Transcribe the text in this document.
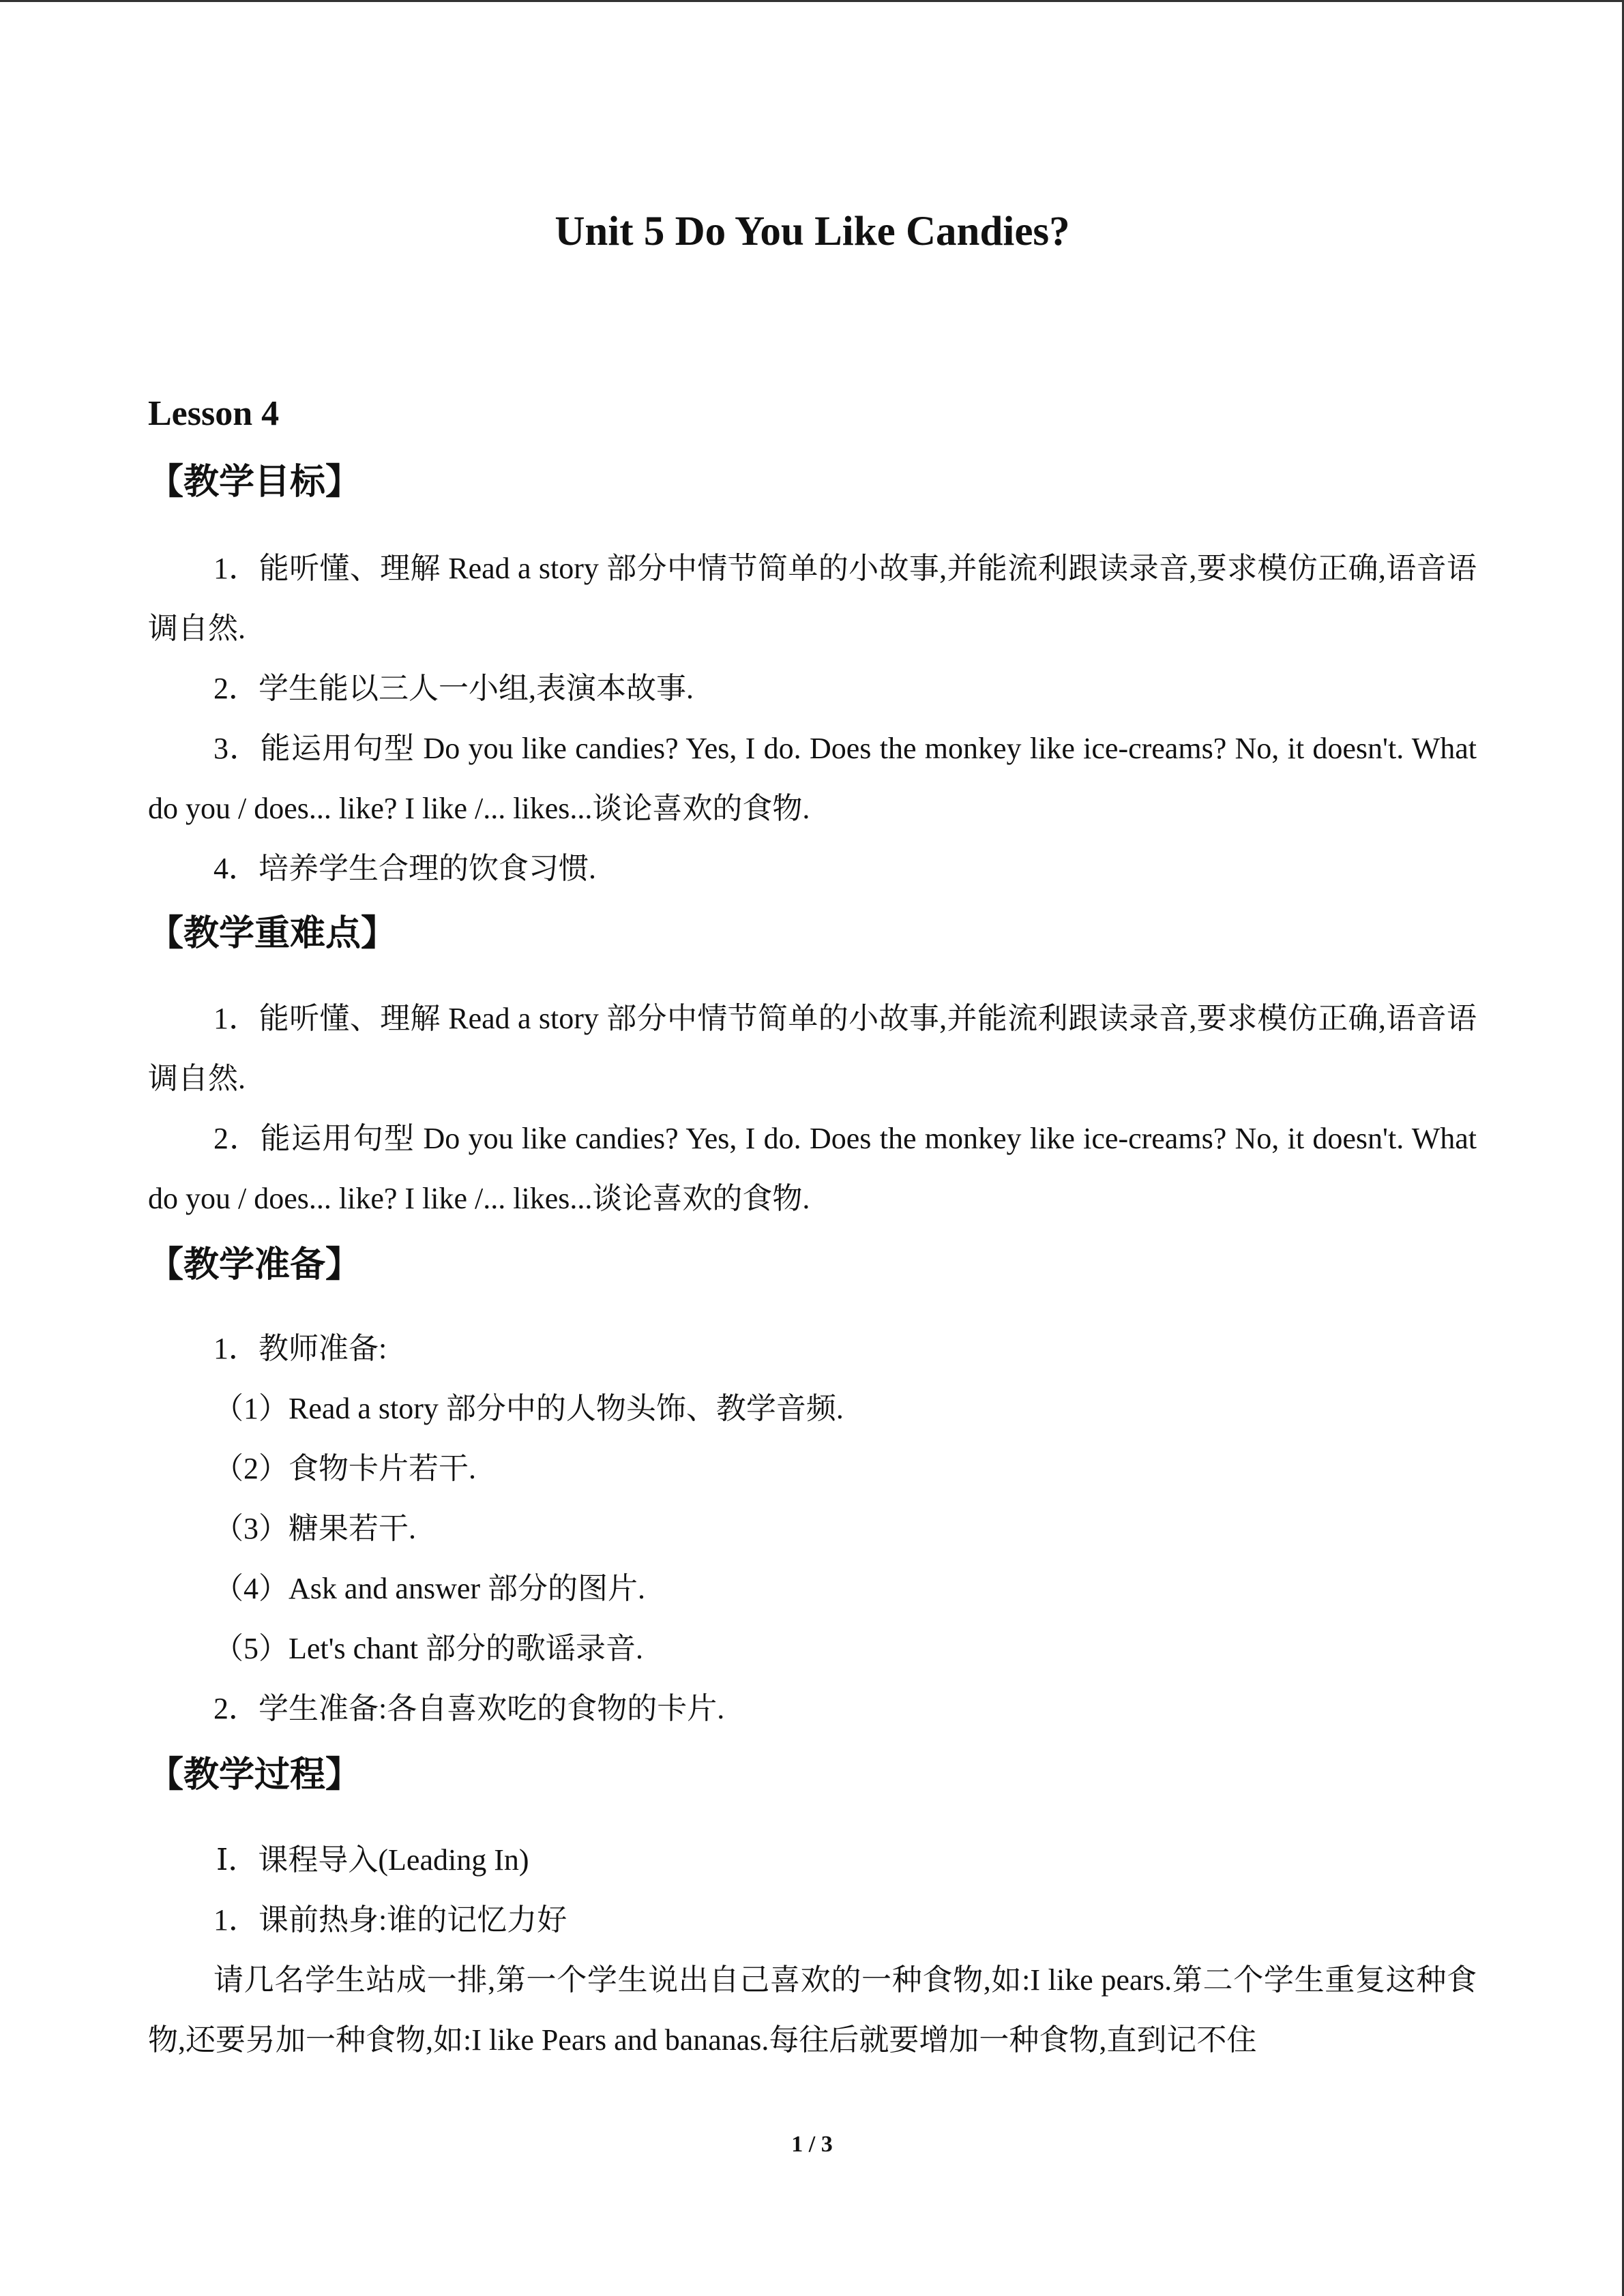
Unit 5 Do You Like Candies?
Lesson 4
【教学目标】
1．能听懂、理解 Read a story 部分中情节简单的小故事,并能流利跟读录音,要求模仿正确,语音语调自然.
2．学生能以三人一小组,表演本故事.
3．能运用句型 Do you like candies? Yes, I do. Does the monkey like ice-creams? No, it doesn't. What do you / does... like? I like /... likes...谈论喜欢的食物.
4．培养学生合理的饮食习惯.
【教学重难点】
1．能听懂、理解 Read a story 部分中情节简单的小故事,并能流利跟读录音,要求模仿正确,语音语调自然.
2．能运用句型 Do you like candies? Yes, I do. Does the monkey like ice-creams? No, it doesn't. What do you / does... like? I like /... likes...谈论喜欢的食物.
【教学准备】
1．教师准备:
（1）Read a story 部分中的人物头饰、教学音频.
（2）食物卡片若干.
（3）糖果若干.
（4）Ask and answer 部分的图片.
（5）Let's chant 部分的歌谣录音.
2．学生准备:各自喜欢吃的食物的卡片.
【教学过程】
Ⅰ．课程导入(Leading In)
1．课前热身:谁的记忆力好
请几名学生站成一排,第一个学生说出自己喜欢的一种食物,如:I like pears.第二个学生重复这种食物,还要另加一种食物,如:I like Pears and bananas.每往后就要增加一种食物,直到记不住
1 / 3
